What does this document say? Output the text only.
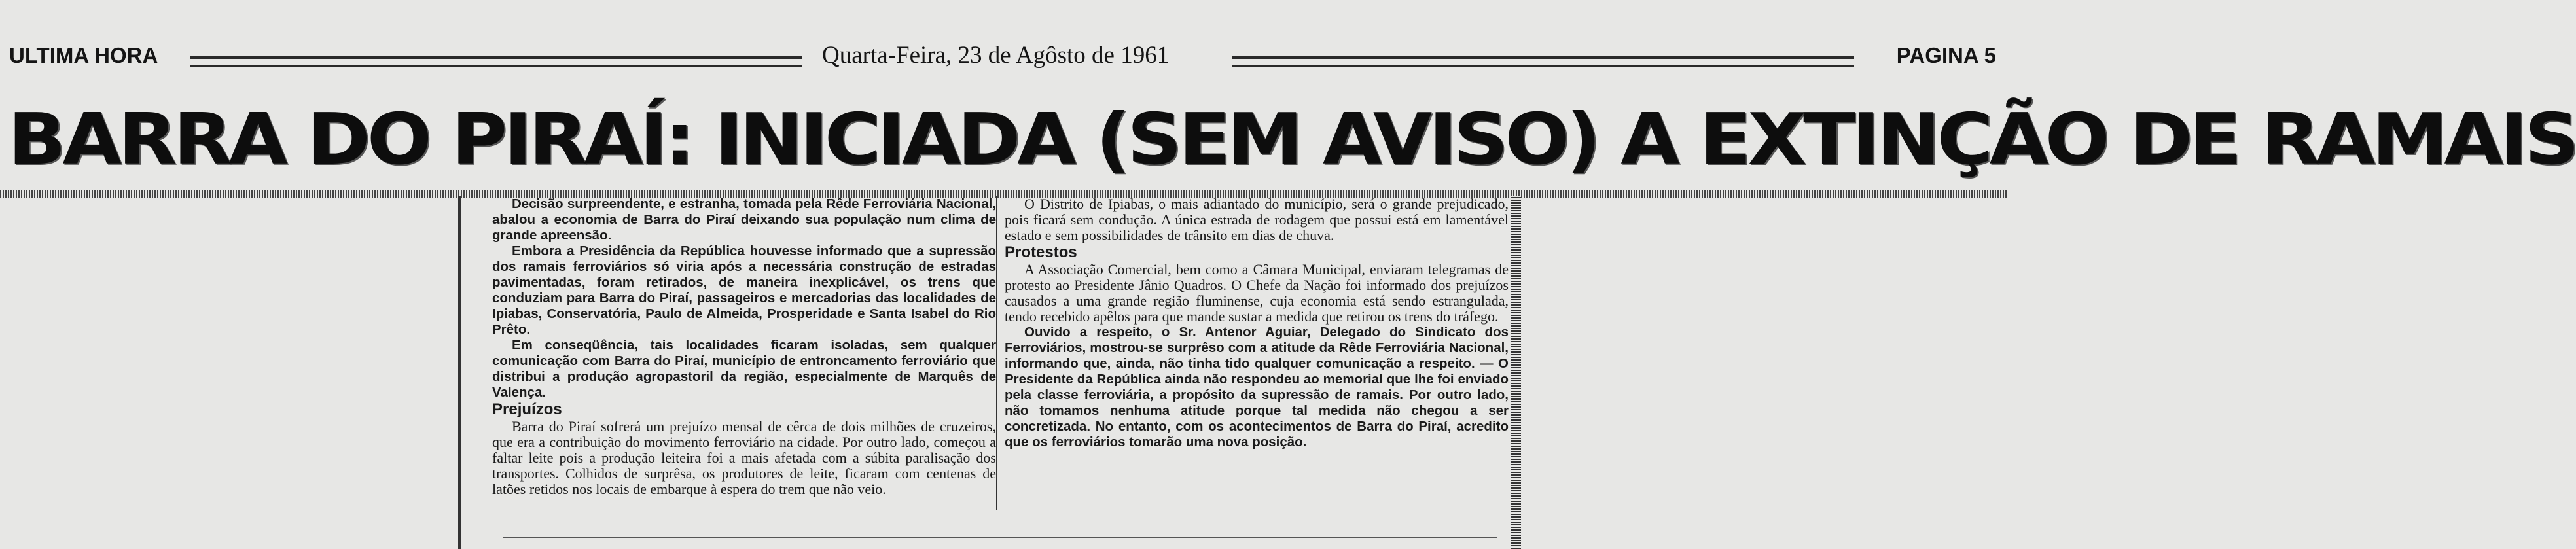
ULTIMA HORA	Quarta-Feira, 23 de Agôsto de 1961	PAGINA 5
BARRA DO PIRAÍ: INICIADA (SEM AVISO) A EXTINÇÃO DE RAMAIS

Decisão surpreendente, e estranha, tomada pela Rêde Ferroviária Nacional, abalou a economia de Barra do Piraí deixando sua população num clima de grande apreensão.

Embora a Presidência da República houvesse informado que a supressão dos ramais ferroviários só viria após a necessária construção de estradas pavimentadas, foram retirados, de maneira inexplicável, os trens que conduziam para Barra do Piraí, passageiros e mercadorias das localidades de Ipiabas, Conservatória, Paulo de Almeida, Prosperidade e Santa Isabel do Rio Prêto.

Em conseqüência, tais localidades ficaram isoladas, sem qualquer comunicação com Barra do Piraí, município de entroncamento ferroviário que distribui a produção agropastoril da região, especialmente de Marquês de Valença.

Prejuízos

Barra do Piraí sofrerá um prejuízo mensal de cêrca de dois milhões de cruzeiros, que era a contribuição do movimento ferroviário na cidade. Por outro lado, começou a faltar leite pois a produção leiteira foi a mais afetada com a súbita paralisação dos transportes. Colhidos de surprêsa, os produtores de leite, ficaram com centenas de latões retidos nos locais de embarque à espera do trem que não veio.

O Distrito de Ipiabas, o mais adiantado do município, será o grande prejudicado, pois ficará sem condução. A única estrada de rodagem que possui está em lamentável estado e sem possibilidades de trânsito em dias de chuva.

Protestos

A Associação Comercial, bem como a Câmara Municipal, enviaram telegramas de protesto ao Presidente Jânio Quadros. O Chefe da Nação foi informado dos prejuízos causados a uma grande região fluminense, cuja economia está sendo estrangulada, tendo recebido apêlos para que mande sustar a medida que retirou os trens do tráfego.

Ouvido a respeito, o Sr. Antenor Aguiar, Delegado do Sindicato dos Ferroviários, mostrou-se surprêso com a atitude da Rêde Ferroviária Nacional, informando que, ainda, não tinha tido qualquer comunicação a respeito. — O Presidente da República ainda não respondeu ao memorial que lhe foi enviado pela classe ferroviária, a propósito da supressão de ramais. Por outro lado, não tomamos nenhuma atitude porque tal medida não chegou a ser concretizada. No entanto, com os acontecimentos de Barra do Piraí, acredito que os ferroviários tomarão uma nova posição.
